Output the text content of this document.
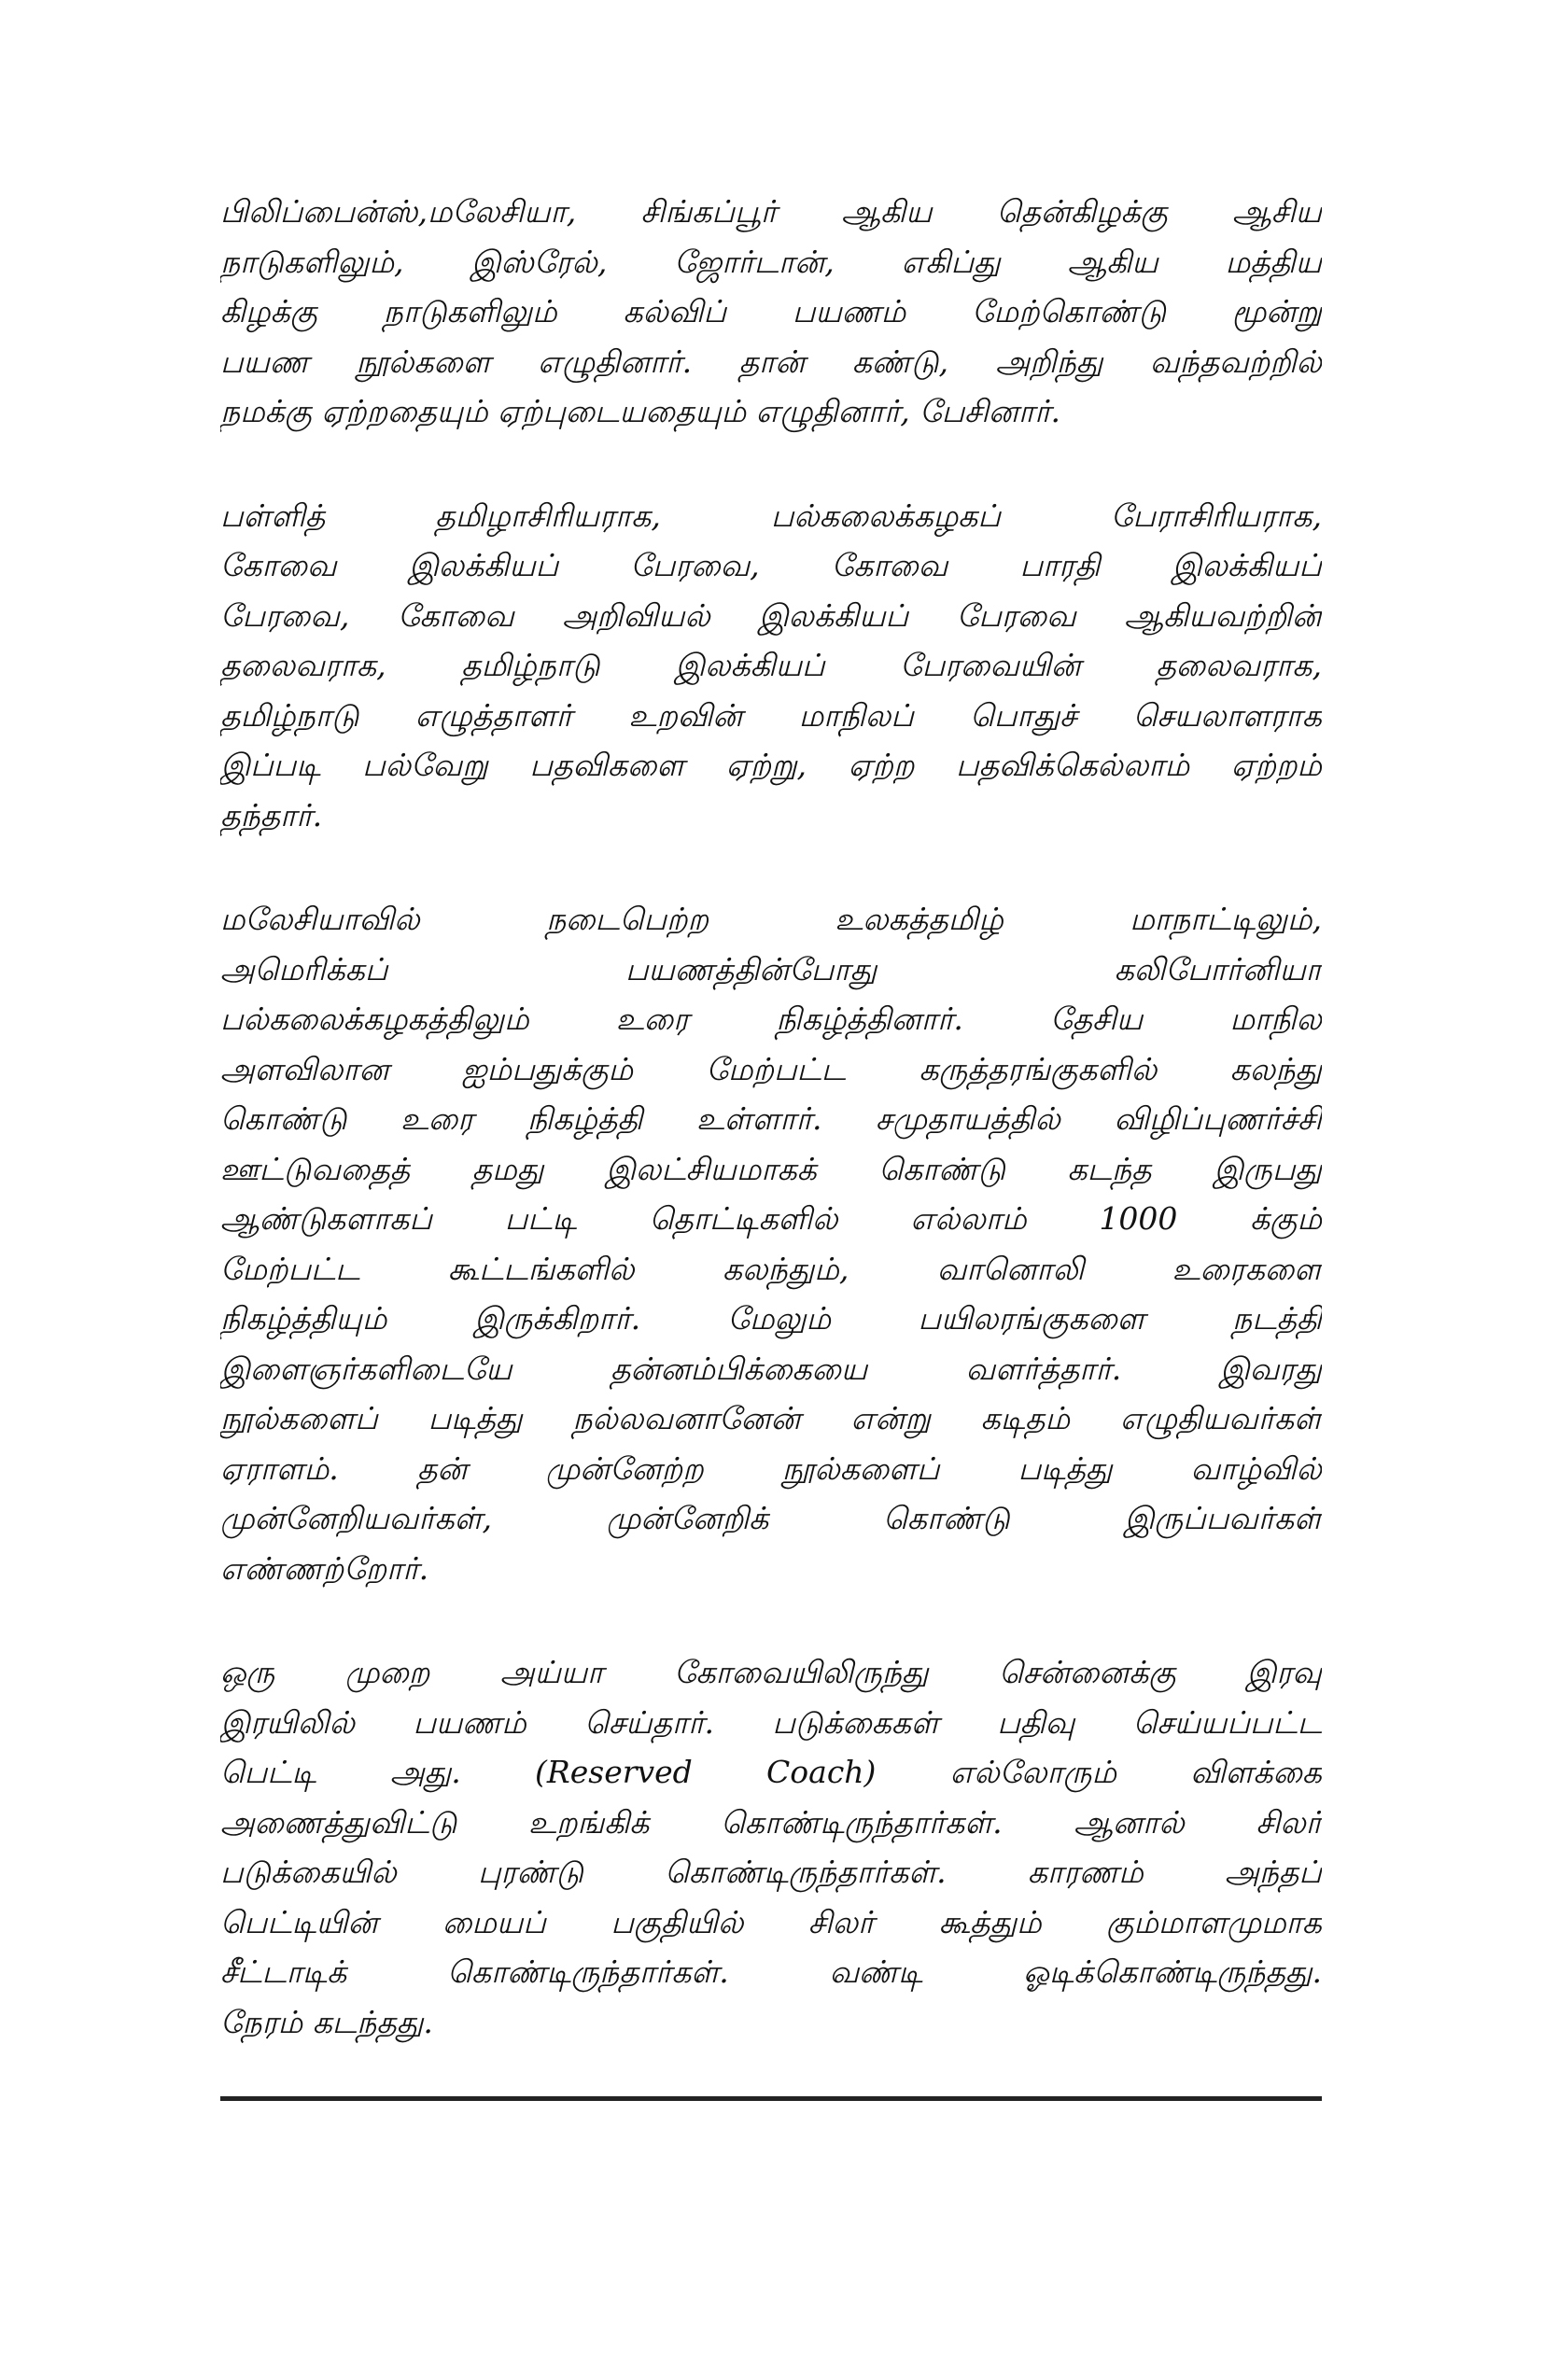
பிலிப்பைன்ஸ்,மலேசியா, சிங்கப்பூர் ஆகிய தென்கிழக்கு ஆசிய
நாடுகளிலும், இஸ்ரேல், ஜோர்டான், எகிப்து ஆகிய மத்திய
கிழக்கு நாடுகளிலும் கல்விப் பயணம் மேற்கொண்டு மூன்று
பயண நூல்களை எழுதினார். தான் கண்டு, அறிந்து வந்தவற்றில்
நமக்கு ஏற்றதையும் ஏற்புடையதையும் எழுதினார், பேசினார்.
பள்ளித் தமிழாசிரியராக, பல்கலைக்கழகப் பேராசிரியராக,
கோவை இலக்கியப் பேரவை, கோவை பாரதி இலக்கியப்
பேரவை, கோவை அறிவியல் இலக்கியப் பேரவை ஆகியவற்றின்
தலைவராக, தமிழ்நாடு இலக்கியப் பேரவையின் தலைவராக,
தமிழ்நாடு எழுத்தாளர் உறவின் மாநிலப் பொதுச் செயலாளராக
இப்படி பல்வேறு பதவிகளை ஏற்று, ஏற்ற பதவிக்கெல்லாம் ஏற்றம்
தந்தார்.
மலேசியாவில் நடைபெற்ற உலகத்தமிழ் மாநாட்டிலும்,
அமெரிக்கப் பயணத்தின்போது கலிபோர்னியா
பல்கலைக்கழகத்திலும் உரை நிகழ்த்தினார். தேசிய மாநில
அளவிலான ஐம்பதுக்கும் மேற்பட்ட கருத்தரங்குகளில் கலந்து
கொண்டு உரை நிகழ்த்தி உள்ளார். சமுதாயத்தில் விழிப்புணர்ச்சி
ஊட்டுவதைத் தமது இலட்சியமாகக் கொண்டு கடந்த இருபது
ஆண்டுகளாகப் பட்டி தொட்டிகளில் எல்லாம் 1000 க்கும்
மேற்பட்ட கூட்டங்களில் கலந்தும், வானொலி உரைகளை
நிகழ்த்தியும் இருக்கிறார். மேலும் பயிலரங்குகளை நடத்தி
இளைஞர்களிடையே தன்னம்பிக்கையை வளர்த்தார். இவரது
நூல்களைப் படித்து நல்லவனானேன் என்று கடிதம் எழுதியவர்கள்
ஏராளம். தன் முன்னேற்ற நூல்களைப் படித்து வாழ்வில்
முன்னேறியவர்கள், முன்னேறிக் கொண்டு இருப்பவர்கள்
எண்ணற்றோர்.
ஒரு முறை அய்யா கோவையிலிருந்து சென்னைக்கு இரவு
இரயிலில் பயணம் செய்தார். படுக்கைகள் பதிவு செய்யப்பட்ட
பெட்டி அது. (Reserved Coach) எல்லோரும் விளக்கை
அணைத்துவிட்டு உறங்கிக் கொண்டிருந்தார்கள். ஆனால் சிலர்
படுக்கையில் புரண்டு கொண்டிருந்தார்கள். காரணம் அந்தப்
பெட்டியின் மையப் பகுதியில் சிலர் கூத்தும் கும்மாளமுமாக
சீட்டாடிக் கொண்டிருந்தார்கள். வண்டி ஓடிக்கொண்டிருந்தது.
நேரம் கடந்தது.
